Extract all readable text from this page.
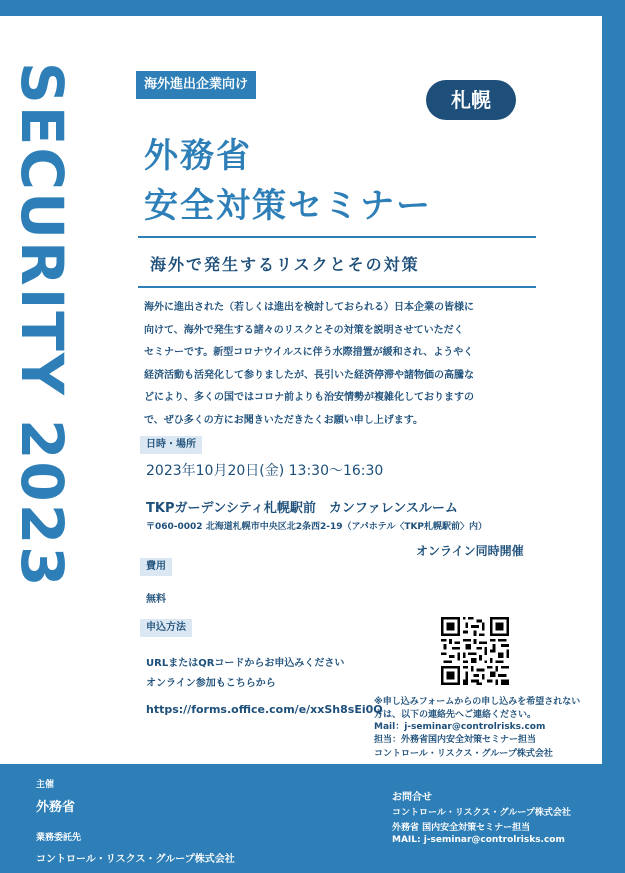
SECURITY 2023	海外進出企業向け
札幌
外務省
安全対策セミナー
海外で発生するリスクとその対策
海外に進出された（若しくは進出を検討しておられる）日本企業の皆様に
向けて、海外で発生する諸々のリスクとその対策を説明させていただく
セミナーです。新型コロナウイルスに伴う水際措置が緩和され、ようやく
経済活動も活発化して参りましたが、長引いた経済停滞や諸物価の高騰な
どにより、多くの国ではコロナ前よりも治安情勢が複雑化しておりますの
で、ぜひ多くの方にお聞きいただきたくお願い申し上げます。
日時・場所
2023年10月20日(金) 13:30～16:30
TKPガーデンシティ札幌駅前　カンファレンスルーム
〒060-0002 北海道札幌市中央区北2条西2-19（アパホテル〈TKP札幌駅前〉内）
オンライン同時開催
費用
無料
申込方法
URLまたはQRコードからお申込みください
オンライン参加もこちらから
https://forms.office.com/e/xxSh8sEi0Q
※申し込みフォームからの申し込みを希望されない
方は、以下の連絡先へご連絡ください。
Mail：j-seminar@controlrisks.com
担当：外務省国内安全対策セミナー担当
コントロール・リスクス・グループ株式会社
主催
外務省
業務委託先
コントロール・リスクス・グループ株式会社
お問合せ
コントロール・リスクス・グループ株式会社
外務省 国内安全対策セミナー担当
MAIL: j-seminar@controlrisks.com
